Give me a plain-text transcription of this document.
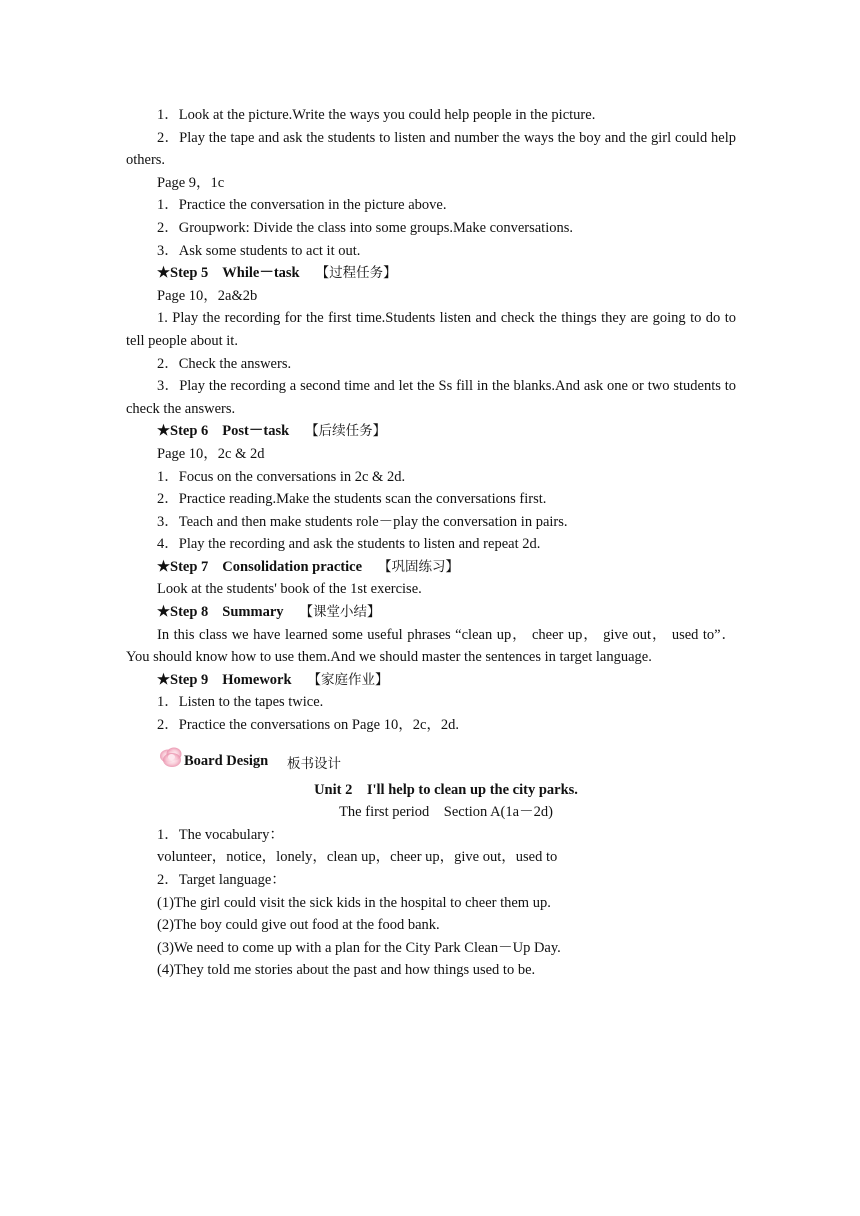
1．Look at the picture.Write the ways you could help people in the picture.
2．Play the tape and ask the students to listen and number the ways the boy and the girl could help others.
Page 9，1c
1．Practice the conversation in the picture above.
2．Groupwork: Divide the class into some groups.Make conversations.
3．Ask some students to act it out.
★Step 5 While－task 【过程任务】
Page 10，2a&2b
1. Play the recording for the first time.Students listen and check the things they are going to do to tell people about it.
2．Check the answers.
3．Play the recording a second time and let the Ss fill in the blanks.And ask one or two students to check the answers.
★Step 6 Post－task 【后续任务】
Page 10，2c & 2d
1．Focus on the conversations in 2c & 2d.
2．Practice reading.Make the students scan the conversations first.
3．Teach and then make students role－play the conversation in pairs.
4．Play the recording and ask the students to listen and repeat 2d.
★Step 7 Consolidation practice 【巩固练习】
Look at the students' book of the 1st exercise.
★Step 8 Summary 【课堂小结】
In this class we have learned some useful phrases “clean up， cheer up， give out， used to”． You should know how to use them.And we should master the sentences in target language.
★Step 9 Homework 【家庭作业】
1．Listen to the tapes twice.
2．Practice the conversations on Page 10，2c，2d.
Board Design 板书设计
Unit 2    I'll help to clean up the city parks.
The first period    Section A(1a－2d)
1．The vocabulary：
volunteer，notice，lonely，clean up，cheer up，give out，used to
2．Target language：
(1)The girl could visit the sick kids in the hospital to cheer them up.
(2)The boy could give out food at the food bank.
(3)We need to come up with a plan for the City Park Clean－Up Day.
(4)They told me stories about the past and how things used to be.
